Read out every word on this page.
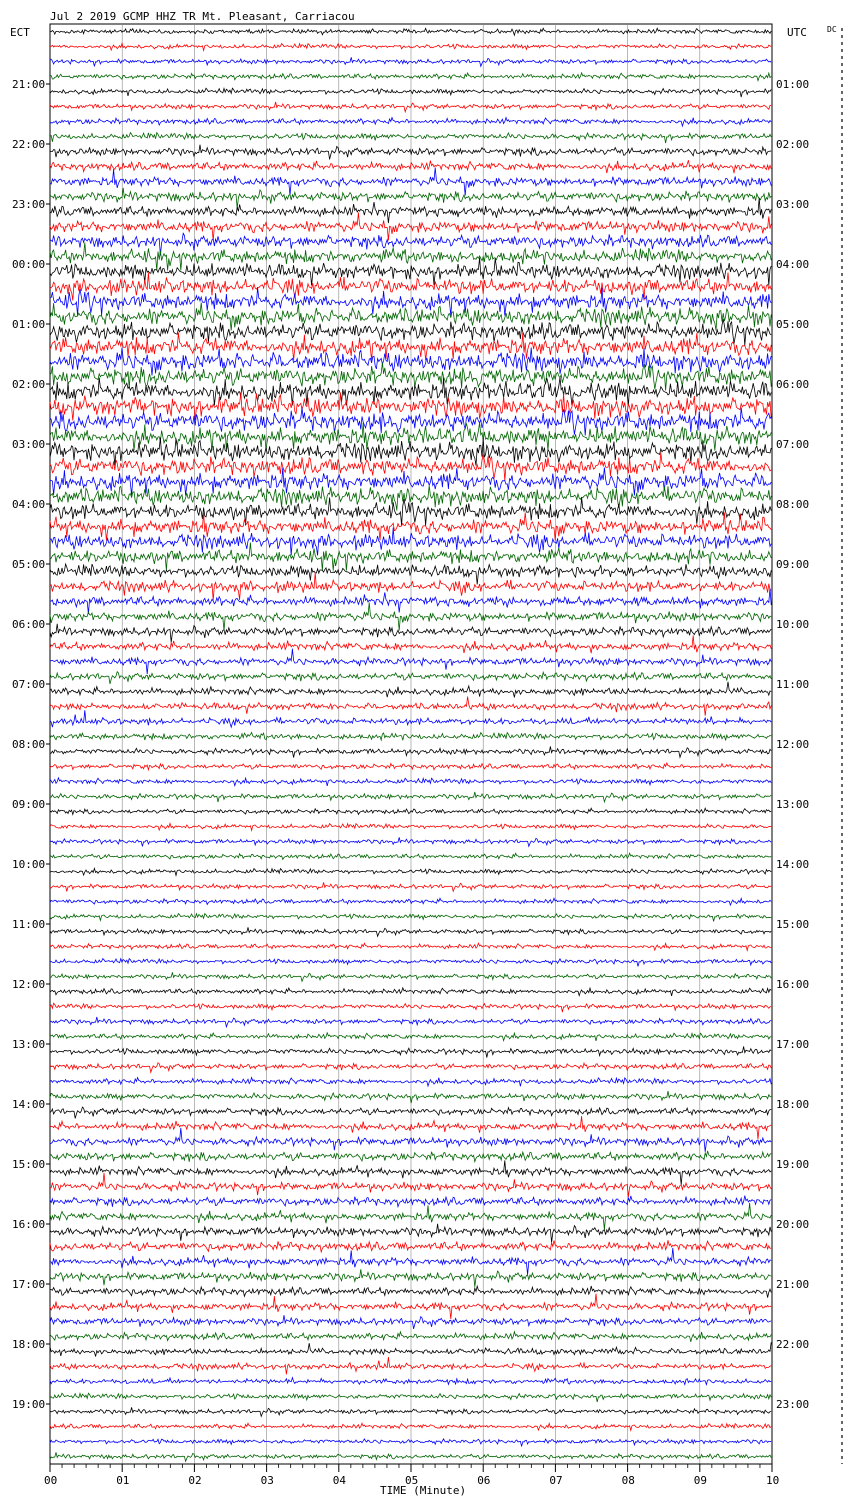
Jul 2 2019 GCMP HHZ TR Mt. Pleasant, Carriacou
ECT	UTC	DC
21:00
22:00
23:00
00:00
01:00
02:00
03:00
04:00
05:00
06:00
07:00
08:00
09:00
10:00
11:00
12:00
13:00
14:00
15:00
16:00
17:00
18:00
19:00
01:00
02:00
03:00
04:00
05:00
06:00
07:00
08:00
09:00
10:00
11:00
12:00
13:00
14:00
15:00
16:00
17:00
18:00
19:00
20:00
21:00
22:00
23:00
00	01	02	03	04	05	06	07	08	09	10
TIME (Minute)
